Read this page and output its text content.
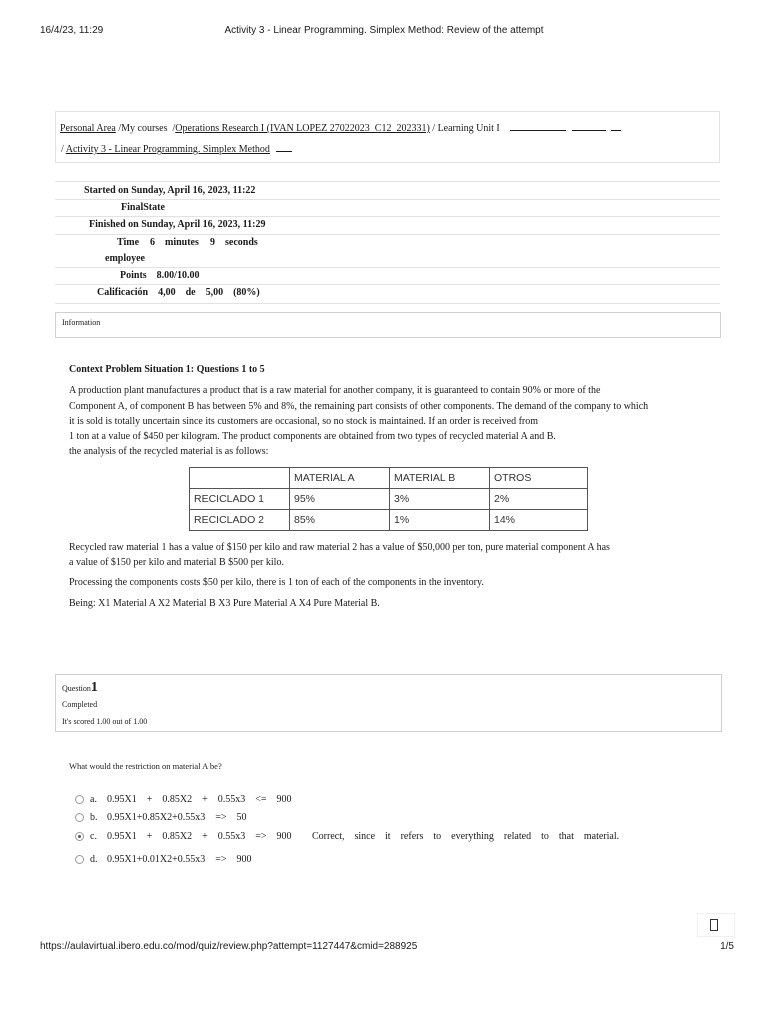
16/4/23, 11:29	Activity 3 - Linear Programming. Simplex Method: Review of the attempt
Personal Area /My courses  /Operations Research I (IVAN LOPEZ 27022023_C12_202331) / Learning Unit I
/ Activity 3 - Linear Programming. Simplex Method
Started on Sunday, April 16, 2023, 11:22
FinalState
Finished on Sunday, April 16, 2023, 11:29
Time 6 minutes 9 seconds
employee
Points    8.00/10.00
Calificación    4,00    de    5,00    (80%)
Information
Context Problem Situation 1: Questions 1 to 5
A production plant manufactures a product that is a raw material for another company, it is guaranteed to contain 90% or more of the
Component A, of component B has between 5% and 8%, the remaining part consists of other components. The demand of the company to which
it is sold is totally uncertain since its customers are occasional, so no stock is maintained. If an order is received from
1 ton at a value of $450 per kilogram. The product components are obtained from two types of recycled material A and B.
the analysis of the recycled material is as follows:
	MATERIAL A	MATERIAL B	OTROS
RECICLADO 1	95%	3%	2%
RECICLADO 2	85%	1%	14%
Recycled raw material 1 has a value of $150 per kilo and raw material 2 has a value of $50,000 per ton, pure material component A has
a value of $150 per kilo and material B $500 per kilo.
Processing the components costs $50 per kilo, there is 1 ton of each of the components in the inventory.
Being: X1 Material A X2 Material B X3 Pure Material A X4 Pure Material B.
Question1
Completed
It's scored 1.00 out of 1.00
What would the restriction on material A be?
a. 0.95X1    +    0.85X2    +    0.55x3    <=    900
b. 0.95X1+0.85X2+0.55x3    =>    50
c. 0.95X1    +    0.85X2    +    0.55x3    =>    900 Correct,    since    it    refers    to    everything    related    to    that    material.
d. 0.95X1+0.01X2+0.55x3    =>    900
https://aulavirtual.ibero.edu.co/mod/quiz/review.php?attempt=1127447&cmid=288925	1/5
